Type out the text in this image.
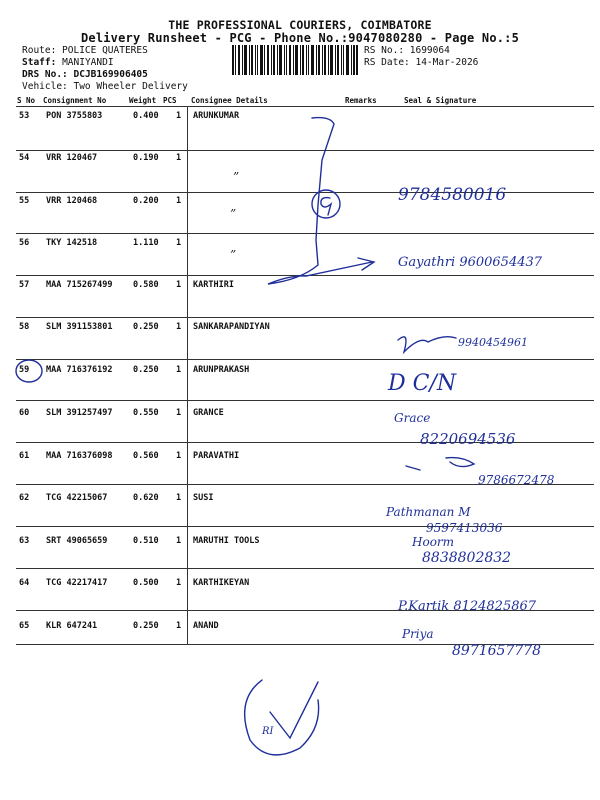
THE PROFESSIONAL COURIERS, COIMBATORE
Delivery Runsheet - PCG - Phone No.:9047080280 - Page No.:5
Route: POLICE QUATERES
Staff: MANIYANDI
DRS No.: DCJB169906405
Vehicle: Two Wheeler Delivery
RS No.: 1699064
RS Date: 14-Mar-2026
S No Consignment No	Weight PCS Consignee Details	Remarks	Seal & Signature
53 PON 3755803	0.400 1 ARUNKUMAR
54 VRR 120467	0.190 1
55 VRR 120468	0.200 1
56 TKY 142518	1.110 1
57 MAA 715267499 0.580 1 KARTHIRI
58 SLM 391153801 0.250 1 SANKARAPANDIYAN
59 MAA 716376192 0.250 1 ARUNPRAKASH
60 SLM 391257497 0.550 1 GRANCE
61 MAA 716376098 0.560 1 PARAVATHI
62 TCG 42215067	0.620 1 SUSI
63 SRT 49065659	0.510 1 MARUTHI TOOLS
64 TCG 42217417	0.500 1 KARTHIKEYAN
65 KLR 647241	0.250 1 ANAND
”
”
”
9784580016
Gayathri 9600654437
9940454961
D C/N
Grace
8220694536
9786672478
Pathmanan M
9597413036
Hoorm
8838802832
P.Kartik 8124825867
Priya
8971657778
RI
